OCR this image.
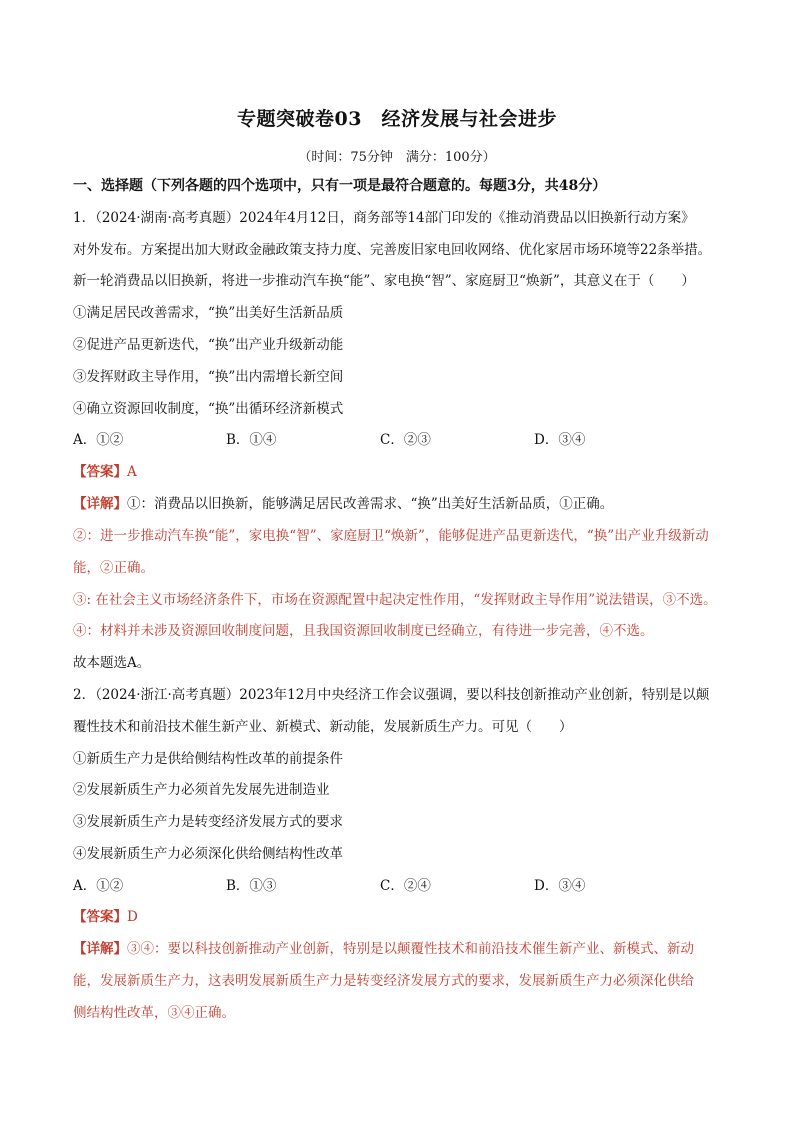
专题突破卷03　经济发展与社会进步
（时间：75分钟　满分：100分）
一、选择题（下列各题的四个选项中，只有一项是最符合题意的。每题3分，共48分）
1．（2024·湖南·高考真题）2024年4月12日，商务部等14部门印发的《推动消费品以旧换新行动方案》
对外发布。方案提出加大财政金融政策支持力度、完善废旧家电回收网络、优化家居市场环境等22条举措。
新一轮消费品以旧换新，将进一步推动汽车换“能”、家电换“智”、家庭厨卫“焕新”，其意义在于（　　）
①满足居民改善需求，“换”出美好生活新品质
②促进产品更新迭代，“换”出产业升级新动能
③发挥财政主导作用，“换”出内需增长新空间
④确立资源回收制度，“换”出循环经济新模式
A．①②	B．①④	C．②③	D．③④
【答案】A
【详解】①：消费品以旧换新，能够满足居民改善需求、“换”出美好生活新品质，①正确。
②：进一步推动汽车换“能”，家电换“智”、家庭厨卫“焕新”，能够促进产品更新迭代，“换”出产业升级新动
能，②正确。
③: 在社会主义市场经济条件下，市场在资源配置中起决定性作用，“发挥财政主导作用”说法错误，③不选。
④：材料并未涉及资源回收制度问题，且我国资源回收制度已经确立，有待进一步完善，④不选。
故本题选A。
2．（2024·浙江·高考真题）2023年12月中央经济工作会议强调，要以科技创新推动产业创新，特别是以颠
覆性技术和前沿技术催生新产业、新模式、新动能，发展新质生产力。可见（　　）
①新质生产力是供给侧结构性改革的前提条件
②发展新质生产力必须首先发展先进制造业
③发展新质生产力是转变经济发展方式的要求
④发展新质生产力必须深化供给侧结构性改革
A．①②	B．①③	C．②④	D．③④
【答案】D
【详解】③④：要以科技创新推动产业创新，特别是以颠覆性技术和前沿技术催生新产业、新模式、新动
能，发展新质生产力，这表明发展新质生产力是转变经济发展方式的要求，发展新质生产力必须深化供给
侧结构性改革，③④正确。
